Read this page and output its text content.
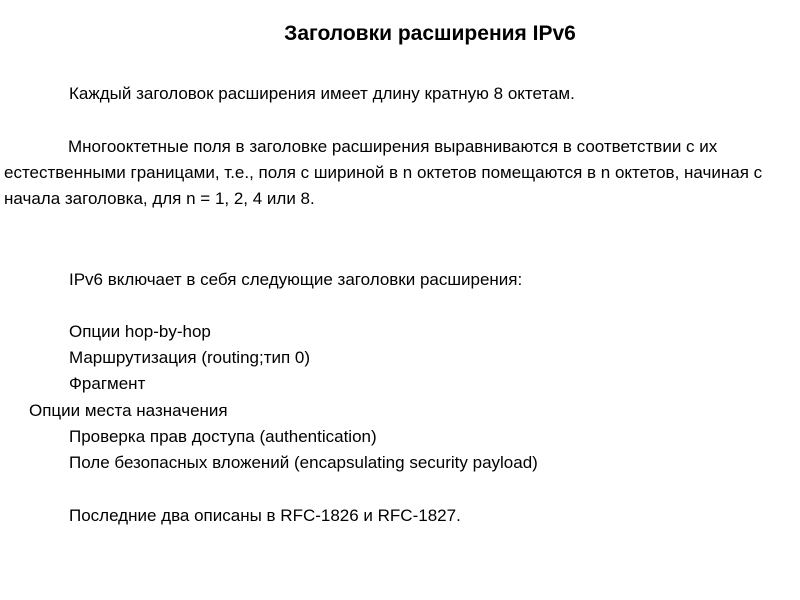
Заголовки расширения IPv6
Каждый заголовок расширения имеет длину кратную 8 октетам.

Многооктетные поля в заголовке расширения выравниваются в соответствии с их естественными границами, т.е., поля с шириной в n октетов помещаются в n октетов, начиная с начала заголовка, для n = 1, 2, 4 или 8.

IPv6 включает в себя следующие заголовки расширения:
Опции hop-by-hop
Маршрутизация (routing;тип 0)
Фрагмент
Опции места назначения
Проверка прав доступа (authentication)
Поле безопасных вложений (encapsulating security payload)
Последние два описаны в RFC-1826 и RFC-1827.
